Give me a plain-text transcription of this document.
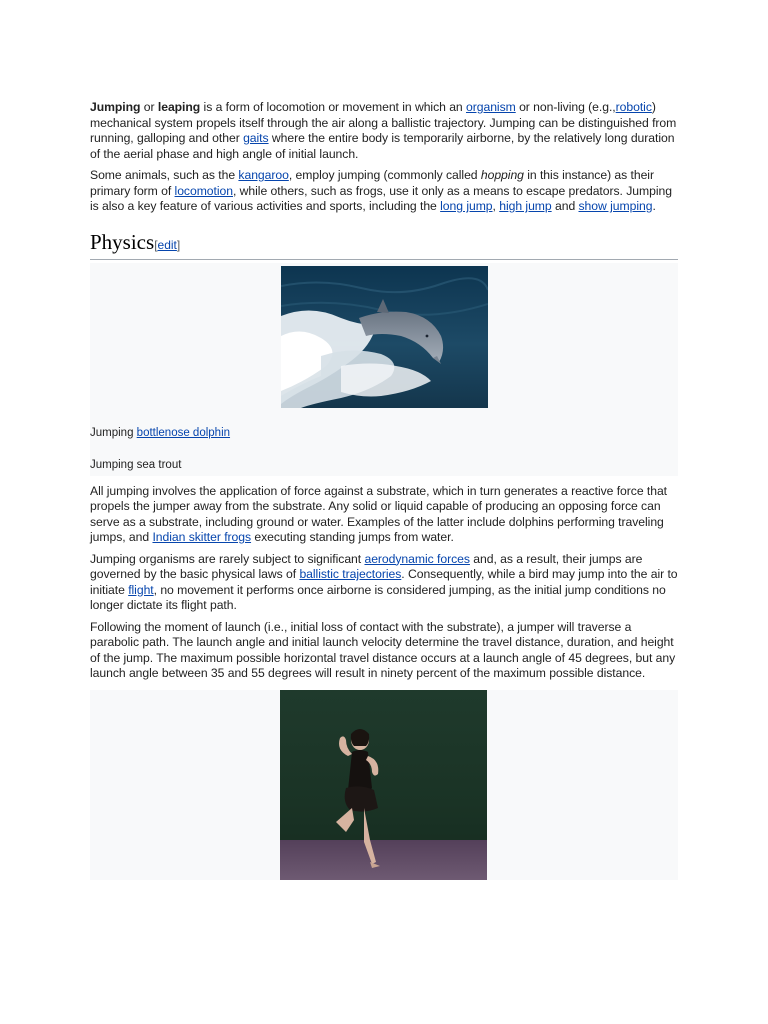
Jumping or leaping is a form of locomotion or movement in which an organism or non-living (e.g.,robotic) mechanical system propels itself through the air along a ballistic trajectory. Jumping can be distinguished from running, galloping and other gaits where the entire body is temporarily airborne, by the relatively long duration of the aerial phase and high angle of initial launch.

Some animals, such as the kangaroo, employ jumping (commonly called hopping in this instance) as their primary form of locomotion, while others, such as frogs, use it only as a means to escape predators. Jumping is also a key feature of various activities and sports, including the long jump, high jump and show jumping.

Physics[edit]

Jumping bottlenose dolphin

Jumping sea trout

All jumping involves the application of force against a substrate, which in turn generates a reactive force that propels the jumper away from the substrate. Any solid or liquid capable of producing an opposing force can serve as a substrate, including ground or water. Examples of the latter include dolphins performing traveling jumps, and Indian skitter frogs executing standing jumps from water.

Jumping organisms are rarely subject to significant aerodynamic forces and, as a result, their jumps are governed by the basic physical laws of ballistic trajectories. Consequently, while a bird may jump into the air to initiate flight, no movement it performs once airborne is considered jumping, as the initial jump conditions no longer dictate its flight path.

Following the moment of launch (i.e., initial loss of contact with the substrate), a jumper will traverse a parabolic path. The launch angle and initial launch velocity determine the travel distance, duration, and height of the jump. The maximum possible horizontal travel distance occurs at a launch angle of 45 degrees, but any launch angle between 35 and 55 degrees will result in ninety percent of the maximum possible distance.
